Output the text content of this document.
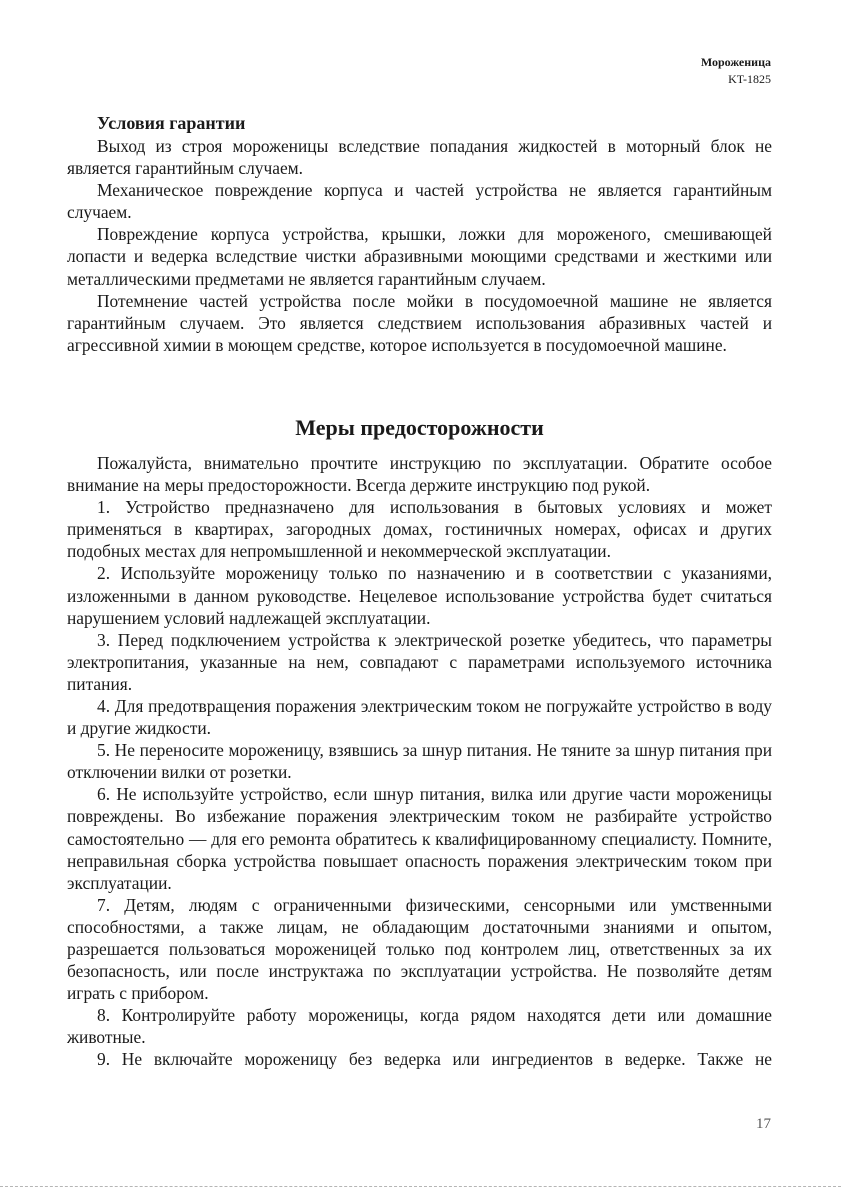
Мороженица
KT-1825
Условия гарантии

Выход из строя мороженицы вследствие попадания жидкостей в моторный блок не является гарантийным случаем.

Механическое повреждение корпуса и частей устройства не является гарантийным случаем.

Повреждение корпуса устройства, крышки, ложки для мороженого, смешивающей лопасти и ведерка вследствие чистки абразивными моющими средствами и жесткими или металлическими предметами не является гарантийным случаем.

Потемнение частей устройства после мойки в посудомоечной машине не является гарантийным случаем. Это является следствием использования абразивных частей и агрессивной химии в моющем средстве, которое используется в посудомоечной машине.

Меры предосторожности

Пожалуйста, внимательно прочтите инструкцию по эксплуатации. Обратите особое внимание на меры предосторожности. Всегда держите инструкцию под рукой.

1. Устройство предназначено для использования в бытовых условиях и может применяться в квартирах, загородных домах, гостиничных номерах, офисах и других подобных местах для непромышленной и некоммерческой эксплуатации.

2. Используйте мороженицу только по назначению и в соответствии с указаниями, изложенными в данном руководстве. Нецелевое использование устройства будет считаться нарушением условий надлежащей эксплуатации.

3. Перед подключением устройства к электрической розетке убедитесь, что параметры электропитания, указанные на нем, совпадают с параметрами используемого источника питания.

4. Для предотвращения поражения электрическим током не погружайте устройство в воду и другие жидкости.

5. Не переносите мороженицу, взявшись за шнур питания. Не тяните за шнур питания при отключении вилки от розетки.

6. Не используйте устройство, если шнур питания, вилка или другие части мороженицы повреждены. Во избежание поражения электрическим током не разбирайте устройство самостоятельно — для его ремонта обратитесь к квалифицированному специалисту. Помните, неправильная сборка устройства повышает опасность поражения электрическим током при эксплуатации.

7. Детям, людям с ограниченными физическими, сенсорными или умственными способностями, а также лицам, не обладающим достаточными знаниями и опытом, разрешается пользоваться мороженицей только под контролем лиц, ответственных за их безопасность, или после инструктажа по эксплуатации устройства. Не позволяйте детям играть с прибором.

8. Контролируйте работу мороженицы, когда рядом находятся дети или домашние животные.

9. Не включайте мороженицу без ведерка или ингредиентов в ведерке. Также не

17
